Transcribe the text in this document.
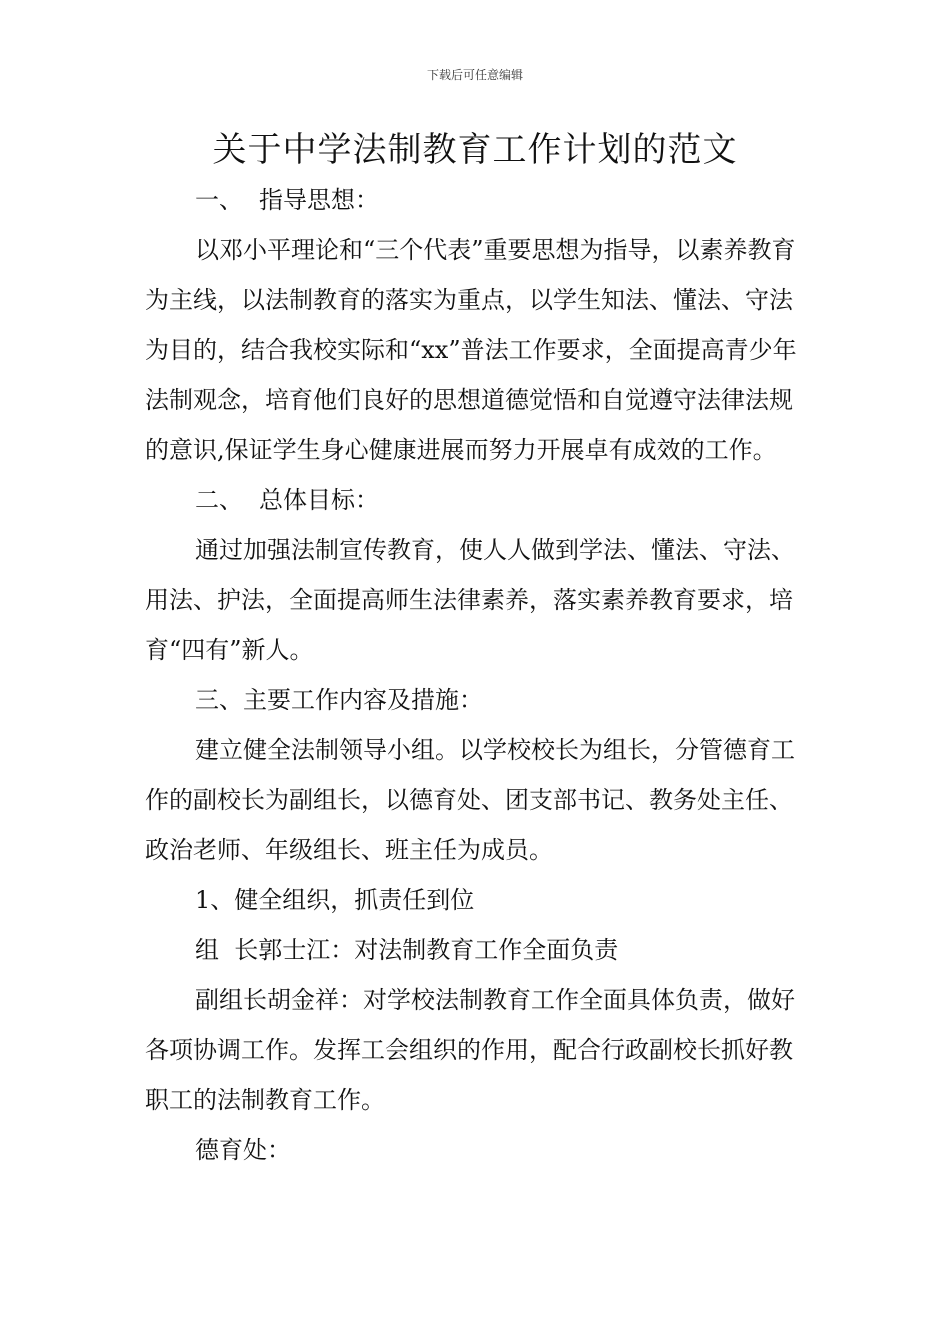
下载后可任意编辑
关于中学法制教育工作计划的范文

一、 指导思想：

以邓小平理论和“三个代表”重要思想为指导，以素养教育为主线，以法制教育的落实为重点，以学生知法、懂法、守法为目的，结合我校实际和“xx”普法工作要求，全面提高青少年法制观念，培育他们良好的思想道德觉悟和自觉遵守法律法规的意识,保证学生身心健康进展而努力开展卓有成效的工作。

二、 总体目标：

通过加强法制宣传教育，使人人做到学法、懂法、守法、用法、护法，全面提高师生法律素养，落实素养教育要求，培育“四有”新人。

三、主要工作内容及措施：

建立健全法制领导小组。以学校校长为组长，分管德育工作的副校长为副组长，以德育处、团支部书记、教务处主任、政治老师、年级组长、班主任为成员。

1、健全组织，抓责任到位

组  长郭士江：对法制教育工作全面负责

副组长胡金祥：对学校法制教育工作全面具体负责，做好各项协调工作。发挥工会组织的作用，配合行政副校长抓好教职工的法制教育工作。

德育处：
